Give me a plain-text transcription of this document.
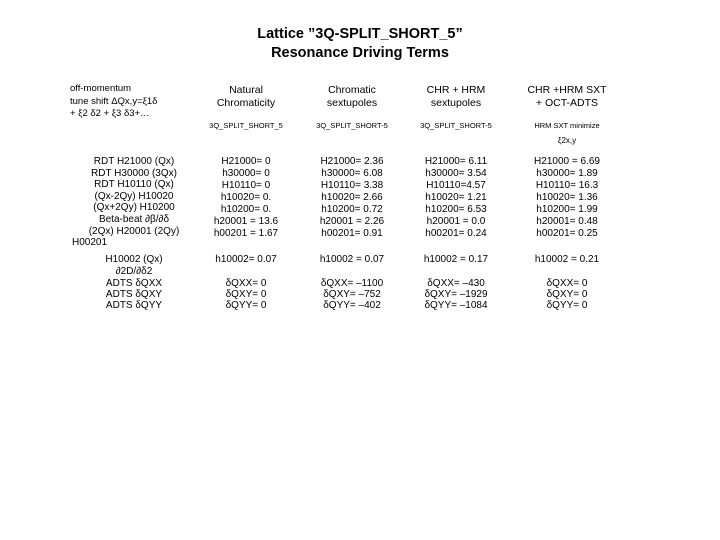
Lattice ”3Q-SPLIT_SHORT_5”
Resonance Driving Terms
off-momentum
tune shift ΔQx,y=ξ1δ
+ ξ2 δ2 + ξ3 δ3+…
Natural
Chromaticity
3Q_SPLIT_SHORT_5
Chromatic
sextupoles
3Q_SPLIT_SHORT-5
CHR + HRM
sextupoles
3Q_SPLIT_SHORT-5
CHR +HRM SXT
+ OCT-ADTS
HRM SXT minimize
ξ2x,y
RDT H21000 (Qx)
RDT H30000 (3Qx)
RDT H10110 (Qx)
(Qx-2Qy) H10020
(Qx+2Qy) H10200
Beta-beat ∂β/∂δ
(2Qx) H20001 (2Qy)
H00201
H10002 (Qx)
∂2D/∂δ2
ADTS δQXX
ADTS δQXY
ADTS δQYY
H21000= 0
h30000= 0
H10110= 0
h10020= 0.
h10200= 0.
h20001 = 13.6
h00201 = 1.67
h10002= 0.07
δQXX= 0
δQXY= 0
δQYY= 0
H21000= 2.36
h30000= 6.08
H10110= 3.38
h10020= 2.66
h10200= 0.72
h20001 = 2.26
h00201= 0.91
h10002 = 0.07
δQXX= –1100
δQXY= –752
δQYY= –402
H21000= 6.11
h30000= 3.54
H10110=4.57
h10020= 1.21
h10200= 6.53
h20001 = 0.0
h00201= 0.24
h10002 = 0.17
δQXX= –430
δQXY= –1929
δQYY= –1084
H21000 = 6.69
h30000= 1.89
H10110= 16.3
h10020= 1.36
h10200= 1.99
h20001= 0.48
h00201= 0.25
h10002 = 0.21
δQXX= 0
δQXY= 0
δQYY= 0
